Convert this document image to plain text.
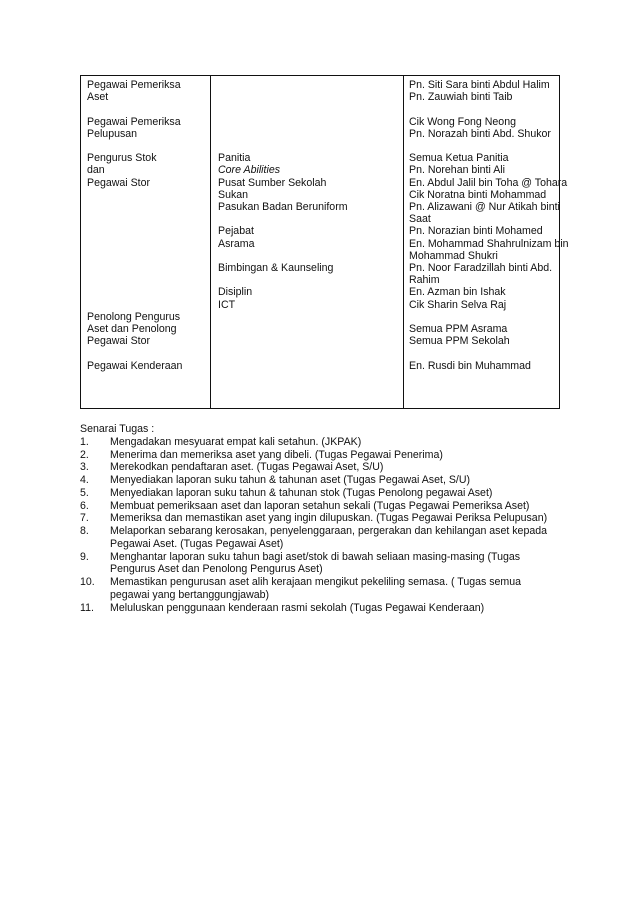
Pegawai Pemeriksa
Aset
Pegawai Pemeriksa
Pelupusan
Pengurus Stok
dan
Pegawai Stor
Penolong Pengurus
Aset dan Penolong
Pegawai Stor
Pegawai Kenderaan
Panitia
Core Abilities
Pusat Sumber Sekolah
Sukan
Pasukan Badan Beruniform
Pejabat
Asrama
Bimbingan & Kaunseling
Disiplin
ICT
Pn. Siti Sara binti Abdul Halim
Pn. Zauwiah binti Taib
Cik Wong Fong Neong
Pn. Norazah binti Abd. Shukor
Semua Ketua Panitia
Pn. Norehan binti Ali
En. Abdul Jalil bin Toha @ Tohara
Cik Noratna binti Mohammad
Pn. Alizawani @ Nur Atikah binti
Saat
Pn. Norazian binti Mohamed
En. Mohammad Shahrulnizam bin
Mohammad Shukri
Pn. Noor Faradzillah binti Abd.
Rahim
En. Azman bin Ishak
Cik Sharin Selva Raj
Semua PPM Asrama
Semua PPM Sekolah
En. Rusdi bin Muhammad
Senarai Tugas :
1. Mengadakan mesyuarat empat kali setahun. (JKPAK)
2. Menerima dan memeriksa aset yang dibeli. (Tugas Pegawai Penerima)
3. Merekodkan pendaftaran aset. (Tugas Pegawai Aset, S/U)
4. Menyediakan laporan suku tahun & tahunan aset (Tugas Pegawai Aset, S/U)
5. Menyediakan laporan suku tahun & tahunan stok (Tugas Penolong pegawai Aset)
6. Membuat pemeriksaan aset dan laporan setahun sekali (Tugas Pegawai Pemeriksa Aset)
7. Memeriksa dan memastikan aset yang ingin dilupuskan. (Tugas Pegawai Periksa Pelupusan)
8. Melaporkan sebarang kerosakan, penyelenggaraan, pergerakan dan kehilangan aset kepada
Pegawai Aset. (Tugas Pegawai Aset)
9. Menghantar laporan suku tahun bagi aset/stok di bawah seliaan masing-masing (Tugas
Pengurus Aset dan Penolong Pengurus Aset)
10. Memastikan pengurusan aset alih kerajaan mengikut pekeliling semasa. ( Tugas semua
pegawai yang bertanggungjawab)
11. Meluluskan penggunaan kenderaan rasmi sekolah (Tugas Pegawai Kenderaan)
